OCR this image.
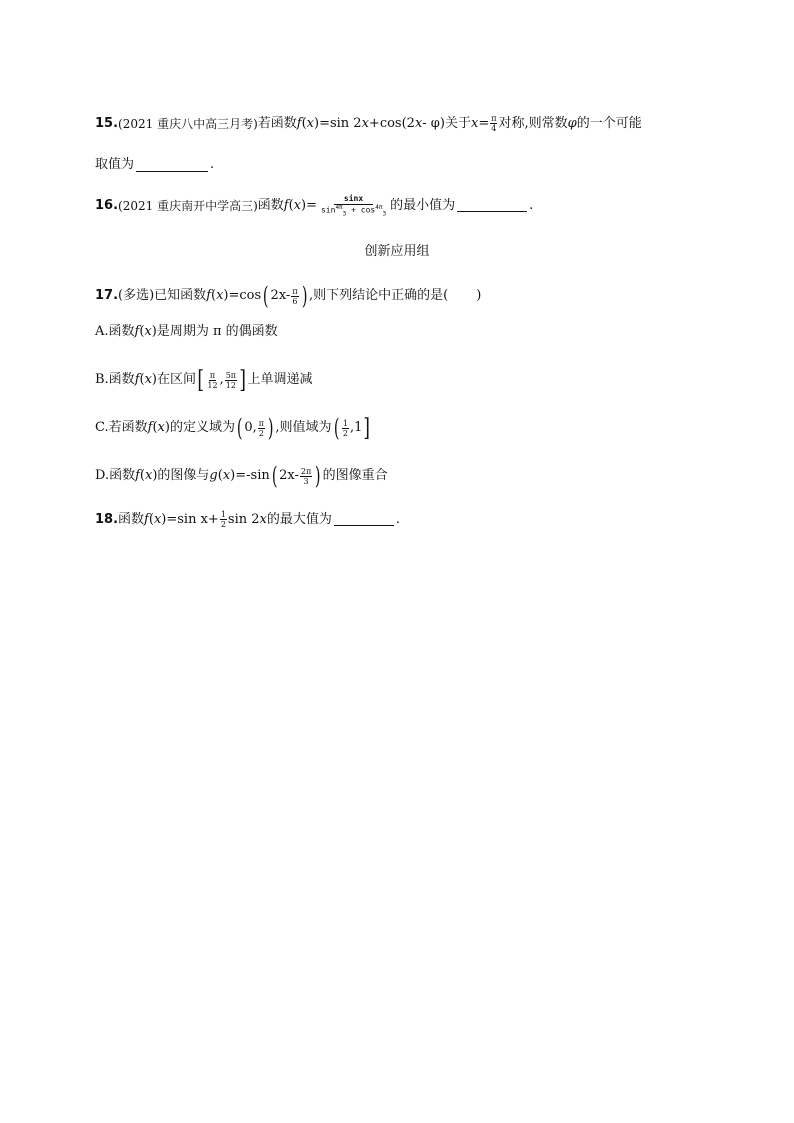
15. (2021 重庆八中高三月考) 若函数 f ( x ) =sin 2 x +cos(2 x - φ)关于 $x= \frac{\pi}{4}$ 对称,则常数 φ 的一个可能
取值为	.
16. (2021 重庆南开中学高三) 函数 f ( x ) = $\frac{\sin x}{\sin^{4\pi}_3 + \cos^{4\pi}_3}$ 的最小值为	.
创新应用组
17. (多选)已知函数 f ( x ) =cos ( $2x- \frac{\pi}{6}$ ) ,则下列结论中正确的是( )
A.函数 f ( x ) 是周期为 π 的偶函数
B.函数 f ( x ) 在区间 [ $\frac{\pi}{12}$ , $\frac{5\pi}{12}$ ] 上单调递减
C.若函数 f ( x ) 的定义域为 ( 0, $\frac{\pi}{2}$ ) ,则值域为 ( $\frac{1}{2} ,1$ ]
D.函数 f ( x ) 的图像与 g ( x ) =-sin ( $2x- \frac{2\pi}{3}$ ) 的图像重合
18. 函数 f ( x ) =sin $x+ \frac{1}{2}$ sin 2 x 的最大值为	.
